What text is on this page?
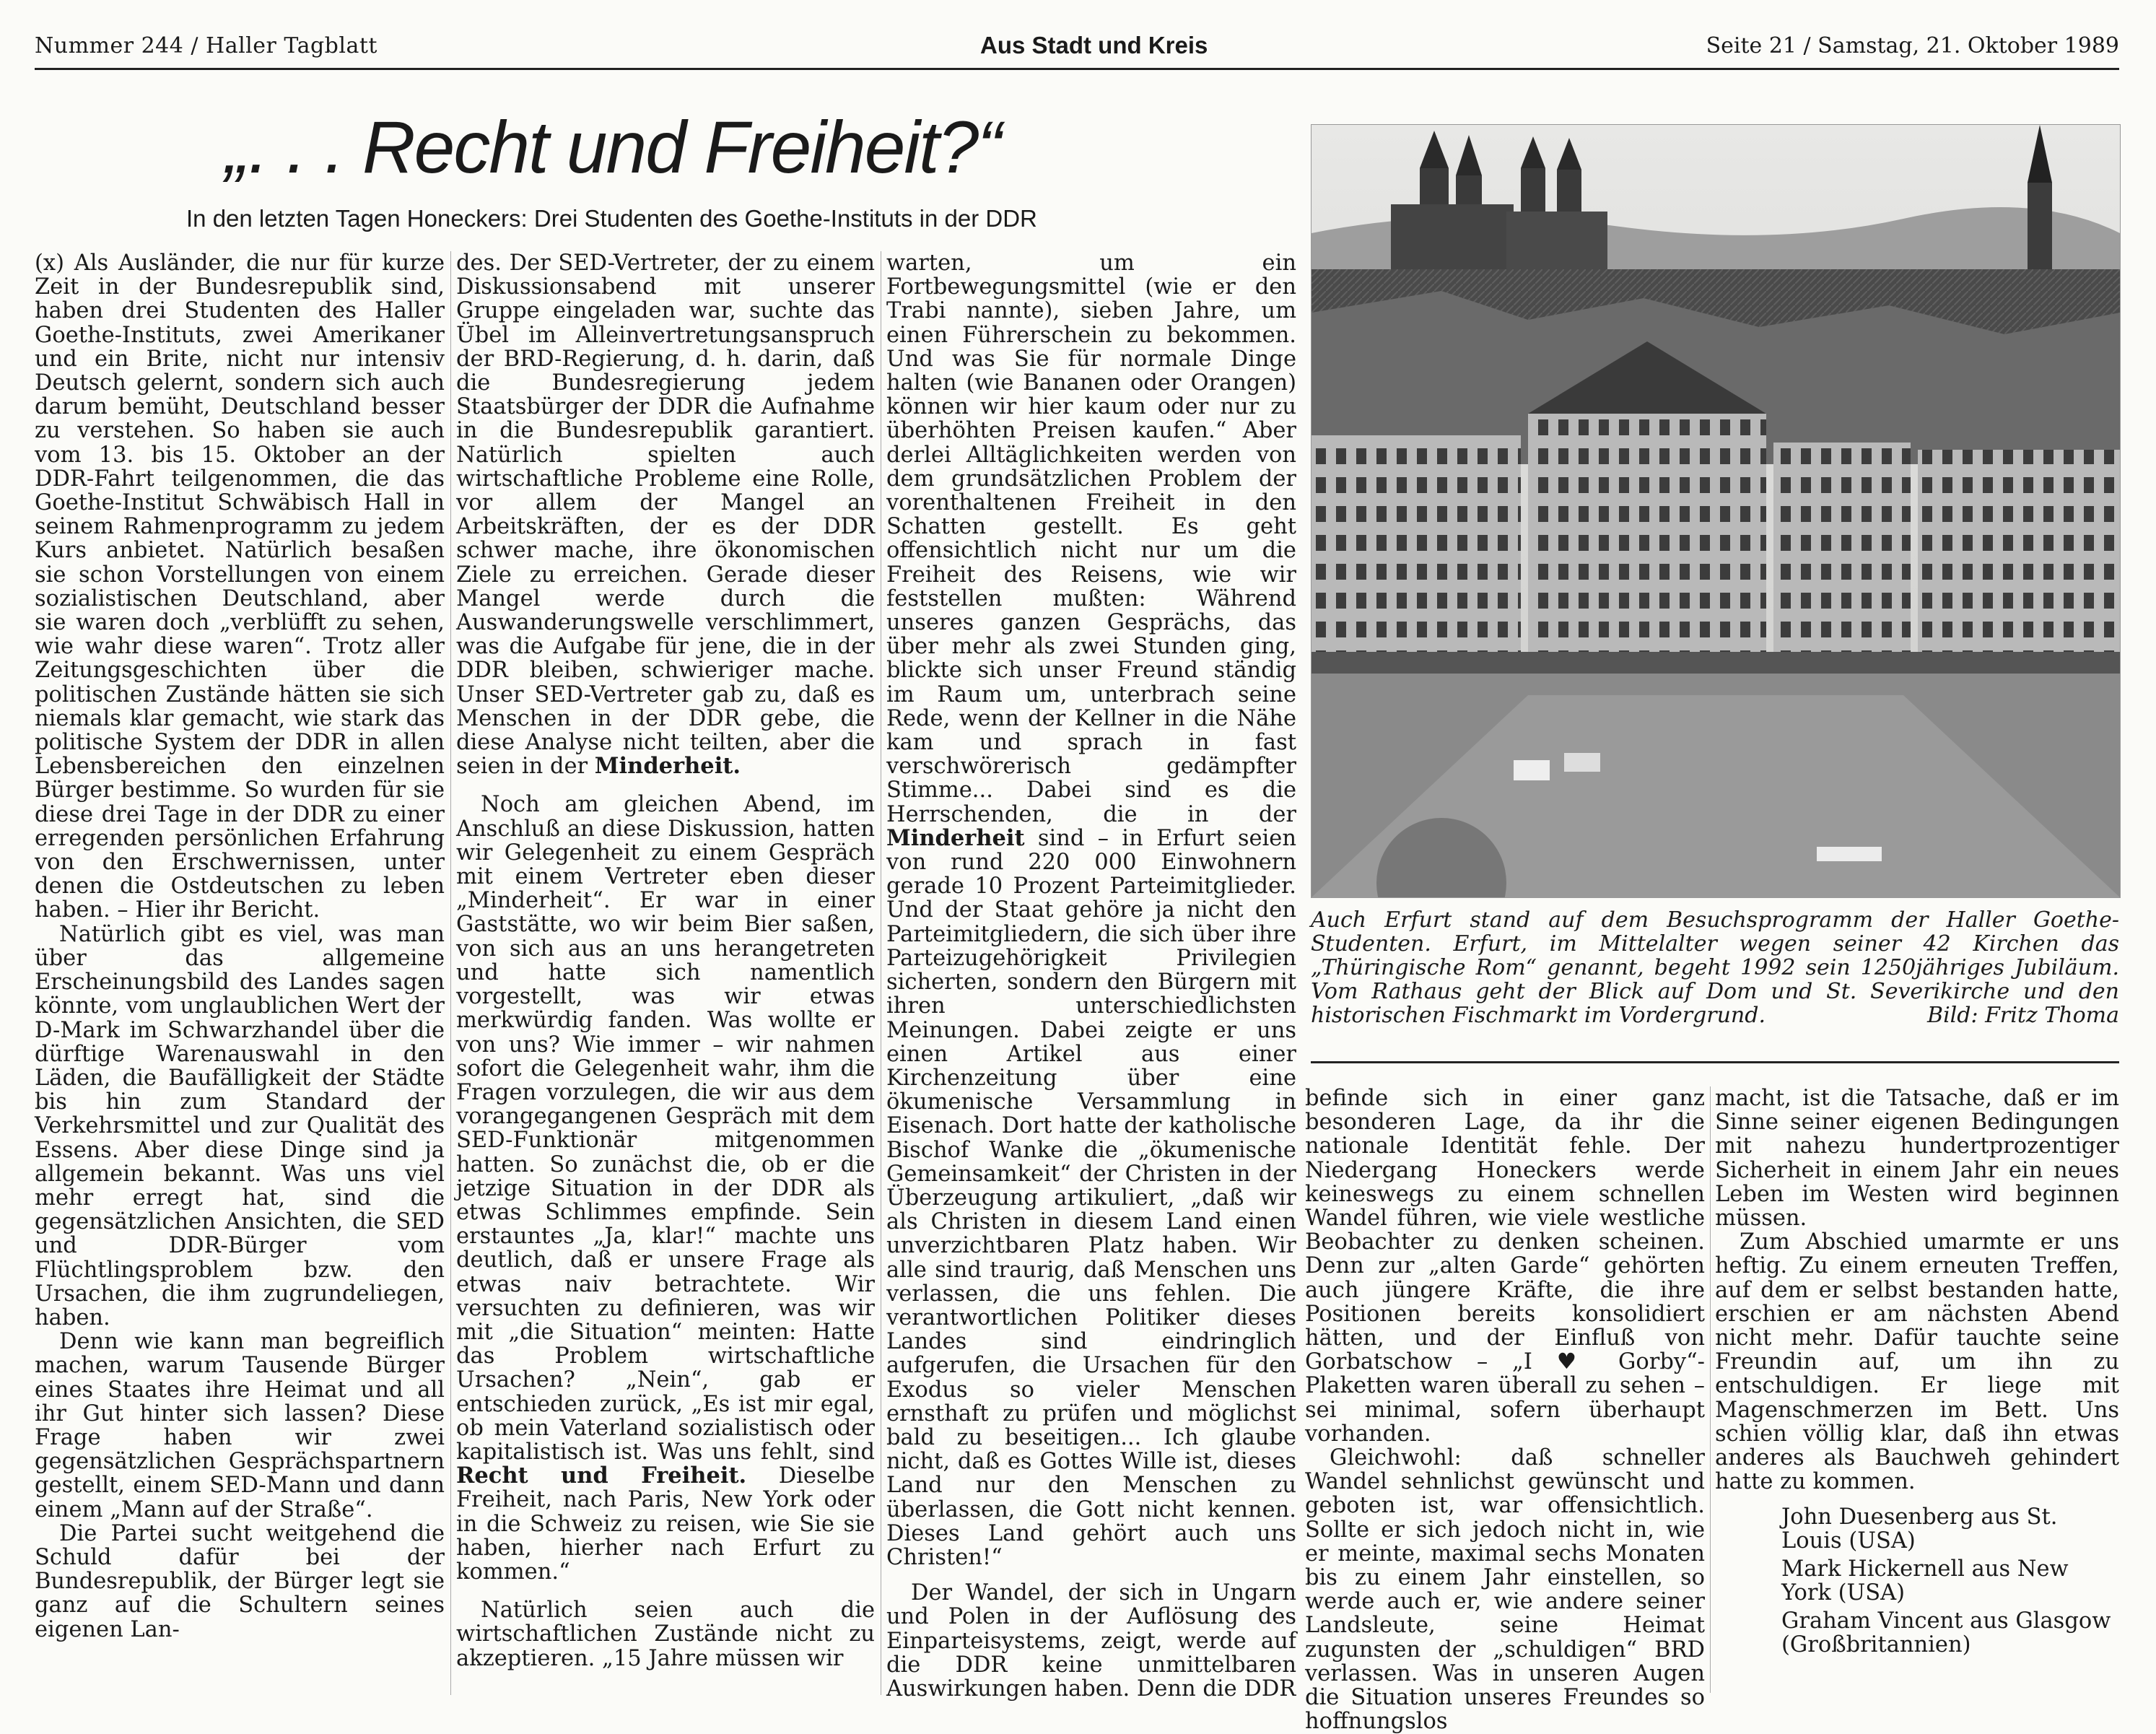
Nummer 244 / Haller Tagblatt	Aus Stadt und Kreis	Seite 21 / Samstag, 21. Oktober 1989
„. . . Recht und Freiheit?“
In den letzten Tagen Honeckers: Drei Studenten des Goethe-Instituts in der DDR

(x) Als Ausländer, die nur für kurze Zeit in der Bundesrepublik sind, haben drei Studenten des Haller Goethe-Instituts, zwei Amerikaner und ein Brite, nicht nur intensiv Deutsch gelernt, sondern sich auch darum bemüht, Deutschland besser zu verstehen. So haben sie auch vom 13. bis 15. Oktober an der DDR-Fahrt teilgenommen, die das Goethe-Institut Schwäbisch Hall in seinem Rahmenprogramm zu jedem Kurs anbietet. Natürlich besaßen sie schon Vorstellungen von einem sozialistischen Deutschland, aber sie waren doch „verblüfft zu sehen, wie wahr diese waren“. Trotz aller Zeitungsgeschichten über die politischen Zustände hätten sie sich niemals klar gemacht, wie stark das politische System der DDR in allen Lebensbereichen den einzelnen Bürger bestimme. So wurden für sie diese drei Tage in der DDR zu einer erregenden persönlichen Erfahrung von den Erschwernissen, unter denen die Ostdeutschen zu leben haben. – Hier ihr Bericht.

Natürlich gibt es viel, was man über das allgemeine Erscheinungsbild des Landes sagen könnte, vom unglaublichen Wert der D-Mark im Schwarzhandel über die dürftige Warenauswahl in den Läden, die Baufälligkeit der Städte bis hin zum Standard der Verkehrsmittel und zur Qualität des Essens. Aber diese Dinge sind ja allgemein bekannt. Was uns viel mehr erregt hat, sind die gegensätzlichen Ansichten, die SED und DDR-Bürger vom Flüchtlingsproblem bzw. den Ursachen, die ihm zugrundeliegen, haben.

Denn wie kann man begreiflich machen, warum Tausende Bürger eines Staates ihre Heimat und all ihr Gut hinter sich lassen? Diese Frage haben wir zwei gegensätzlichen Gesprächspartnern gestellt, einem SED-Mann und dann einem „Mann auf der Straße“.

Die Partei sucht weitgehend die Schuld dafür bei der Bundesrepublik, der Bürger legt sie ganz auf die Schultern seines eigenen Lan-

des. Der SED-Vertreter, der zu einem Diskussionsabend mit unserer Gruppe eingeladen war, suchte das Übel im Alleinvertretungsanspruch der BRD-Regierung, d. h. darin, daß die Bundesregierung jedem Staatsbürger der DDR die Aufnahme in die Bundesrepublik garantiert. Natürlich spielten auch wirtschaftliche Probleme eine Rolle, vor allem der Mangel an Arbeitskräften, der es der DDR schwer mache, ihre ökonomischen Ziele zu erreichen. Gerade dieser Mangel werde durch die Auswanderungswelle verschlimmert, was die Aufgabe für jene, die in der DDR bleiben, schwieriger mache. Unser SED-Vertreter gab zu, daß es Menschen in der DDR gebe, die diese Analyse nicht teilten, aber die seien in der Minderheit.

Noch am gleichen Abend, im Anschluß an diese Diskussion, hatten wir Gelegenheit zu einem Gespräch mit einem Vertreter eben dieser „Minderheit“. Er war in einer Gaststätte, wo wir beim Bier saßen, von sich aus an uns herangetreten und hatte sich namentlich vorgestellt, was wir etwas merkwürdig fanden. Was wollte er von uns? Wie immer – wir nahmen sofort die Gelegenheit wahr, ihm die Fragen vorzulegen, die wir aus dem vorangegangenen Gespräch mit dem SED-Funktionär mitgenommen hatten. So zunächst die, ob er die jetzige Situation in der DDR als etwas Schlimmes empfinde. Sein erstauntes „Ja, klar!“ machte uns deutlich, daß er unsere Frage als etwas naiv betrachtete. Wir versuchten zu definieren, was wir mit „die Situation“ meinten: Hatte das Problem wirtschaftliche Ursachen? „Nein“, gab er entschieden zurück, „Es ist mir egal, ob mein Vaterland sozialistisch oder kapitalistisch ist. Was uns fehlt, sind Recht und Freiheit. Dieselbe Freiheit, nach Paris, New York oder in die Schweiz zu reisen, wie Sie sie haben, hierher nach Erfurt zu kommen.“

Natürlich seien auch die wirtschaftlichen Zustände nicht zu akzeptieren. „15 Jahre müssen wir

warten, um ein Fortbewegungsmittel (wie er den Trabi nannte), sieben Jahre, um einen Führerschein zu bekommen. Und was Sie für normale Dinge halten (wie Bananen oder Orangen) können wir hier kaum oder nur zu überhöhten Preisen kaufen.“ Aber derlei Alltäglichkeiten werden von dem grundsätzlichen Problem der vorenthaltenen Freiheit in den Schatten gestellt. Es geht offensichtlich nicht nur um die Freiheit des Reisens, wie wir feststellen mußten: Während unseres ganzen Gesprächs, das über mehr als zwei Stunden ging, blickte sich unser Freund ständig im Raum um, unterbrach seine Rede, wenn der Kellner in die Nähe kam und sprach in fast verschwörerisch gedämpfter Stimme... Dabei sind es die Herrschenden, die in der Minderheit sind – in Erfurt seien von rund 220 000 Einwohnern gerade 10 Prozent Parteimitglieder. Und der Staat gehöre ja nicht den Parteimitgliedern, die sich über ihre Parteizugehörigkeit Privilegien sicherten, sondern den Bürgern mit ihren unterschiedlichsten Meinungen. Dabei zeigte er uns einen Artikel aus einer Kirchenzeitung über eine ökumenische Versammlung in Eisenach. Dort hatte der katholische Bischof Wanke die „ökumenische Gemeinsamkeit“ der Christen in der Überzeugung artikuliert, „daß wir als Christen in diesem Land einen unverzichtbaren Platz haben. Wir alle sind traurig, daß Menschen uns verlassen, die uns fehlen. Die verantwortlichen Politiker dieses Landes sind eindringlich aufgerufen, die Ursachen für den Exodus so vieler Menschen ernsthaft zu prüfen und möglichst bald zu beseitigen... Ich glaube nicht, daß es Gottes Wille ist, dieses Land nur den Menschen zu überlassen, die Gott nicht kennen. Dieses Land gehört auch uns Christen!“

Der Wandel, der sich in Ungarn und Polen in der Auflösung des Einparteisystems, zeigt, werde auf die DDR keine unmittelbaren Auswirkungen haben. Denn die DDR

Auch Erfurt stand auf dem Besuchsprogramm der Haller Goethe-Studenten. Erfurt, im Mittelalter wegen seiner 42 Kirchen das „Thüringische Rom“ genannt, begeht 1992 sein 1250jähriges Jubiläum. Vom Rathaus geht der Blick auf Dom und St. Severikirche und den historischen Fischmarkt im Vordergrund.	Bild: Fritz Thoma

befinde sich in einer ganz besonderen Lage, da ihr die nationale Identität fehle. Der Niedergang Honeckers werde keineswegs zu einem schnellen Wandel führen, wie viele westliche Beobachter zu denken scheinen. Denn zur „alten Garde“ gehörten auch jüngere Kräfte, die ihre Positionen bereits konsolidiert hätten, und der Einfluß von Gorbatschow – „I ♥ Gorby“-Plaketten waren überall zu sehen – sei minimal, sofern überhaupt vorhanden.

Gleichwohl: daß schneller Wandel sehnlichst gewünscht und geboten ist, war offensichtlich. Sollte er sich jedoch nicht in, wie er meinte, maximal sechs Monaten bis zu einem Jahr einstellen, so werde auch er, wie andere seiner Landsleute, seine Heimat zugunsten der „schuldigen“ BRD verlassen. Was in unseren Augen die Situation unseres Freundes so hoffnungslos

macht, ist die Tatsache, daß er im Sinne seiner eigenen Bedingungen mit nahezu hundertprozentiger Sicherheit in einem Jahr ein neues Leben im Westen wird beginnen müssen.

Zum Abschied umarmte er uns heftig. Zu einem erneuten Treffen, auf dem er selbst bestanden hatte, erschien er am nächsten Abend nicht mehr. Dafür tauchte seine Freundin auf, um ihn zu entschuldigen. Er liege mit Magenschmerzen im Bett. Uns schien völlig klar, daß ihn etwas anderes als Bauchweh gehindert hatte zu kommen.

John Duesenberg aus St. Louis (USA)
Mark Hickernell aus New York (USA)
Graham Vincent aus Glasgow (Großbritannien)
